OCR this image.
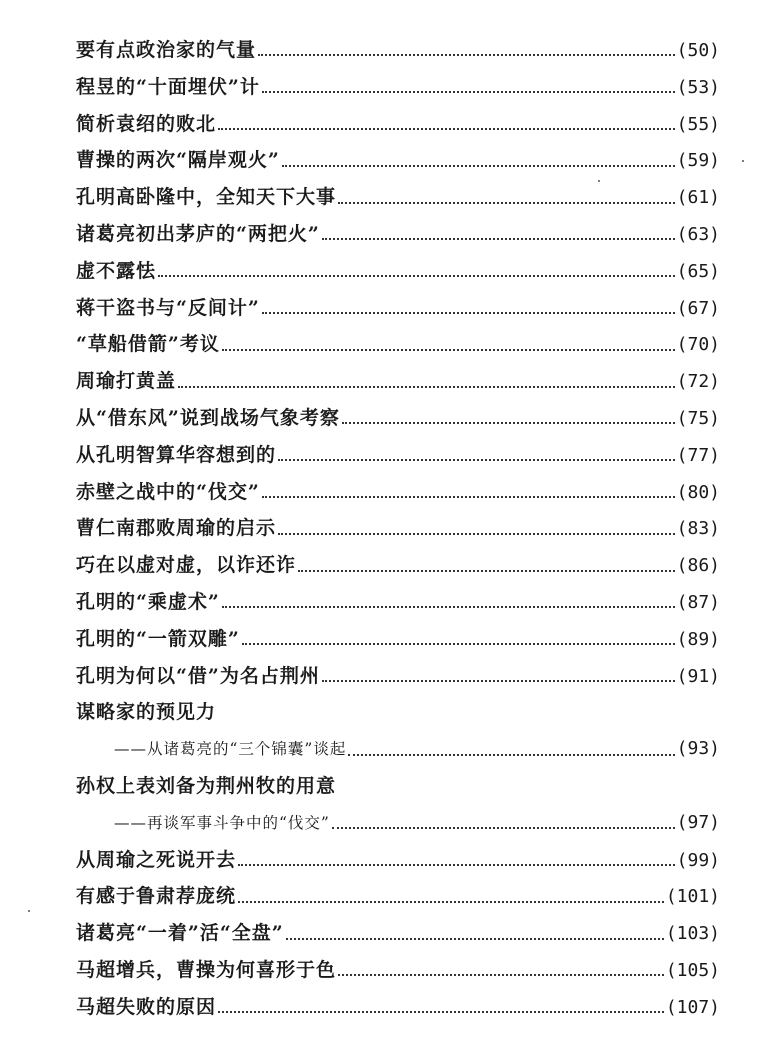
要有点政治家的气量	(50)
程昱的“十面埋伏”计	(53)
简析袁绍的败北	(55)
曹操的两次“隔岸观火”	(59)
孔明高卧隆中，全知天下大事	(61)
诸葛亮初出茅庐的“两把火”	(63)
虚不露怯	(65)
蒋干盗书与“反间计”	(67)
“草船借箭”考议	(70)
周瑜打黄盖	(72)
从“借东风”说到战场气象考察	(75)
从孔明智算华容想到的	(77)
赤壁之战中的“伐交”	(80)
曹仁南郡败周瑜的启示	(83)
巧在以虚对虚，以诈还诈	(86)
孔明的“乘虚术”	(87)
孔明的“一箭双雕”	(89)
孔明为何以“借”为名占荆州	(91)
谋略家的预见力
——从诸葛亮的“三个锦囊”谈起	(93)
孙权上表刘备为荆州牧的用意
——再谈军事斗争中的“伐交”	(97)
从周瑜之死说开去	(99)
有感于鲁肃荐庞统	(101)
诸葛亮“一着”活“全盘”	(103)
马超增兵，曹操为何喜形于色	(105)
马超失败的原因	(107)
